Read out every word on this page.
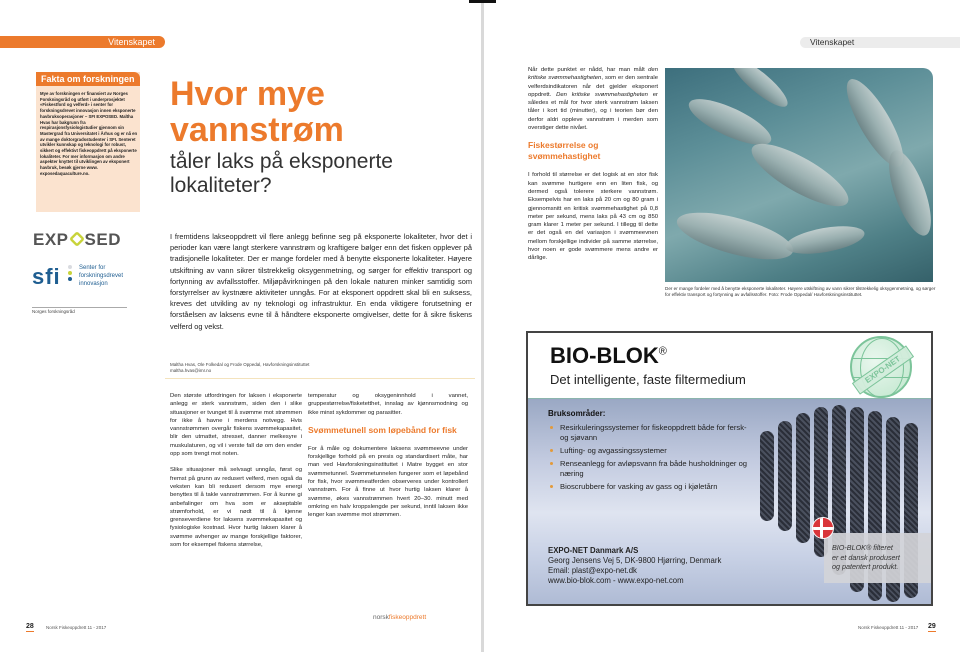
Vitenskapet
Fakta om forskningen
Mye av forskningen er finansiert av Norges Forskningsråd og utført i underprosjektet «Fiskestford og velferd» i senter for forskningsdrevet innovasjon innen eksponerte havbruksoperasjoner – SFI EXPOSED. Maltha Hvas har bakgrunn fra respirasjonsfysiologistudier gjennom sin Mastergrad fra Universitatet i Århus og er nå en av mange doktorgradsstudenter i SFI. Senteret utvikler kunnskap og teknologi for robust, sikkert og effektivt fiskeoppdrett på eksponerte lokaliteter. For mer informasjon om andre aspekter knyttet til utviklingen av eksponert havbruk, besøk gjerne www. exposedaquaculture.no.
EXP SED
sfi	Senter for
forskningsdrevet
innovasjon
Norges forskningsråd
Hvor mye
vannstrøm
tåler laks på eksponerte lokaliteter?
I fremtidens lakseoppdrett vil flere anlegg befinne seg på eksponerte lokaliteter, hvor det i perioder kan være langt sterkere vannstrøm og kraftigere bølger enn det fisken opplever på tradisjonelle lokaliteter. Der er mange fordeler med å benytte eksponerte lokaliteter. Høyere utskiftning av vann sikrer tilstrekkelig oksygenmetning, og sørger for effektiv transport og fortynning av avfallsstoffer. Miljøpåvirkningen på den lokale naturen minker samtidig som forstyrrelser av kystnære aktiviteter unngås. For at eksponert oppdrett skal bli en suksess, kreves det utvikling av ny teknologi og infrastruktur. En enda viktigere forutsetning er forståelsen av laksens evne til å håndtere eksponerte omgivelser, dette for å sikre fiskens velferd og vekst.
Maltha Hvas, Ole Folkedal og Frode Oppedal, Havforskningsinstituttet
maltha.hvas@imr.no

Den største utfordringen for laksen i eksponerte anlegg er sterk vannstrøm, siden den i slike situasjoner er tvunget til å svømme mot strømmen for ikke å havne i merdens notvegg. Hvis vannstrømmen overgår fiskens svømmekapasitet, blir den utmattet, stresset, danner melkesyre i muskulaturen, og vil i verste fall dø om den ender opp som trengt mot noten.

Slike situasjoner må selvsagt unngås, først og fremst på grunn av redusert velferd, men også da veksten kan bli redusert dersom mye energi benyttes til å takle vannstrømmen. For å kunne gi anbefalinger om hva som er akseptable strømforhold, er vi nødt til å kjenne grenseverdiene for laksens svømmekapasitet og fysiologiske kostnad. Hvor hurtig laksen klarer å svømme avhenger av mange forskjellige faktorer, som for eksempel fiskens størrelse,

temperatur og oksygeninnhold i vannet, gruppestørrelse/fisketetthet, innslag av kjønnsmodning og ikke minst sykdommer og parasitter.

Svømmetunell som løpebånd for fisk

For å måle og dokumentere laksens svømmeevne under forskjellige forhold på en presis og standardisert måte, har man ved Havforskningsinstituttet i Matre bygget en stor svømmetunnel. Svømmetunnelen fungerer som et løpebånd for fisk, hvor svømmeatferden observeres under kontrollert vannstrøm. For å finne ut hvor hurtig laksen klarer å svømme, økes vannstrømmen hvert 20–30. minutt med omkring en halv kroppslengde per sekund, inntil laksen ikke lenger kan svømme mot strømmen.

norskfiskeoppdrett
28	Norsk Fiskeoppdrett 11 - 2017
Vitenskapet

Når dette punktet er nådd, har man målt den kritiske svømmehastigheten, som er den sentrale velferdsindikatoren når det gjelder eksponert oppdrett. Den kritiske svømmehastigheten er således et mål for hvor sterk vannstrøm laksen tåler i kort tid (minutter), og i teorien bør den derfor aldri oppleve vannstrøm i merden som overstiger dette nivået.

Fiskestørrelse og svømmehastighet

I forhold til størrelse er det logisk at en stor fisk kan svømme hurtigere enn en liten fisk, og dermed også tolerere sterkere vannstrøm. Eksempelvis har en laks på 20 cm og 80 gram i gjennomsnitt en kritisk svømmehastighet på 0,8 meter per sekund, mens laks på 43 cm og 850 gram klarer 1 meter per sekund. I tillegg til dette er det også en del variasjon i svømmeevnen mellom forskjellige individer på samme størrelse, hvor noen er gode svømmere mens andre er dårlige.

Der er mange fordeler med å benytte eksponerte lokaliteter. Høyere utskiftning av vann sikrer tilstrekkelig oksygenmetning, og sørger for effektiv transport og fortynning av avfallsstoffer. Foto: Frode Oppedal/ Havforskningsinstituttet.
BIO-BLOK®
Det intelligente, faste filtermedium	EXPO-NET
Bruksområder:
Resirkuleringssystemer for fiskeoppdrett både for fersk- og sjøvann
Lufting- og avgassingssystemer
Renseanlegg for avløpsvann fra både husholdninger og næring
Bioscrubbere for vasking av gass og i kjøletårn
BIO-BLOK® filteret
er et dansk produsert
og patentert produkt.
EXPO-NET Danmark A/S
Georg Jensens Vej 5, DK-9800 Hjørring, Denmark
Email: plast@expo-net.dk
www.bio-blok.com - www.expo-net.com
Norsk Fiskeoppdrett 11 - 2017 29
